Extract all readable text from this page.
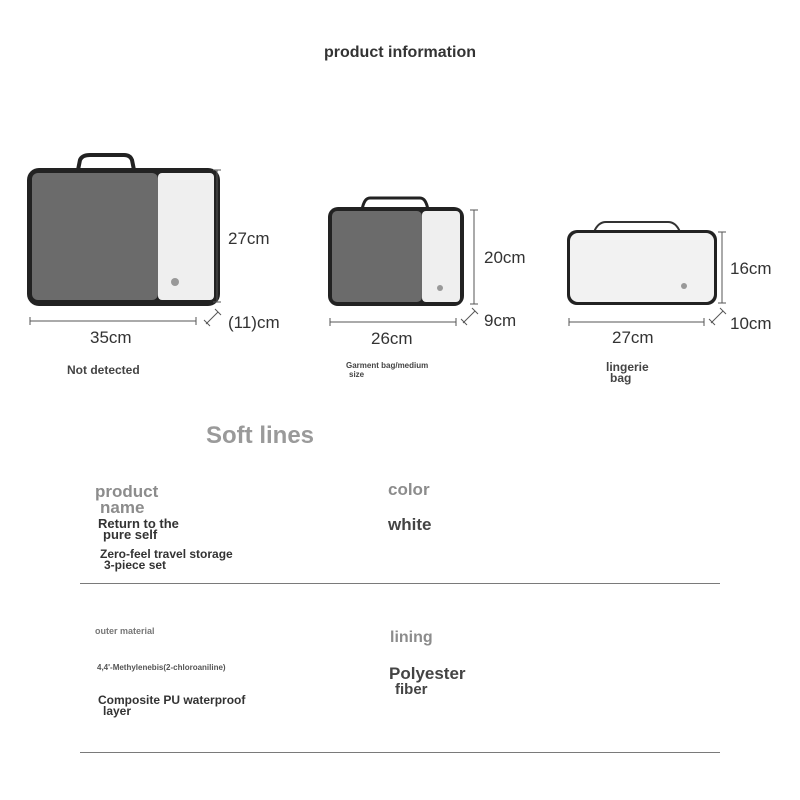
product information
27cm
35cm
(11)cm
Not detected
20cm
26cm
9cm
Garment bag/medium
size
16cm
27cm
10cm
lingerie
bag
Soft lines
product
name
Return to the
pure self
Zero-feel travel storage
3-piece set
color
white
outer material
4,4'-Methylenebis(2-chloroaniline)
Composite PU waterproof
layer
lining
Polyester
fiber
